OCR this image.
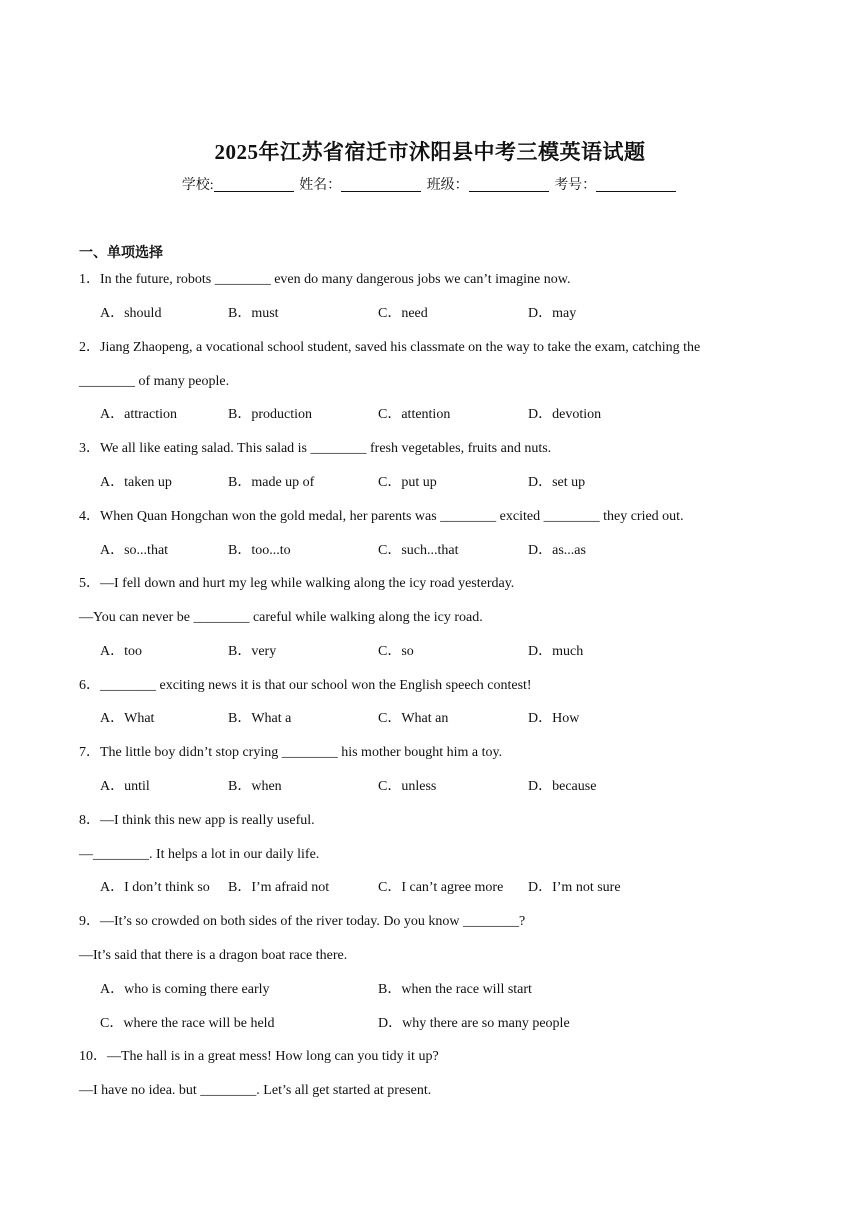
2025年江苏省宿迁市沭阳县中考三模英语试题
学校:	姓名：	班级：	考号：
一、单项选择
1．In the future, robots ________ even do many dangerous jobs we can’t imagine now.
A．should	B．must	C．need	D．may
2．Jiang Zhaopeng, a vocational school student, saved his classmate on the way to take the exam, catching the
________ of many people.
A．attraction	B．production	C．attention	D．devotion
3．We all like eating salad. This salad is ________ fresh vegetables, fruits and nuts.
A．taken up	B．made up of	C．put up	D．set up
4．When Quan Hongchan won the gold medal, her parents was ________ excited ________ they cried out.
A．so...that	B．too...to	C．such...that	D．as...as
5．—I fell down and hurt my leg while walking along the icy road yesterday.
—You can never be ________ careful while walking along the icy road.
A．too	B．very	C．so	D．much
6．________ exciting news it is that our school won the English speech contest!
A．What	B．What a	C．What an	D．How
7．The little boy didn’t stop crying ________ his mother bought him a toy.
A．until	B．when	C．unless	D．because
8．—I think this new app is really useful.
—________. It helps a lot in our daily life.
A．I don’t think so B．I’m afraid not	C．I can’t agree more D．I’m not sure
9．—It’s so crowded on both sides of the river today. Do you know ________?
—It’s said that there is a dragon boat race there.
A．who is coming there early	B．when the race will start
C．where the race will be held	D．why there are so many people
10．—The hall is in a great mess! How long can you tidy it up?
—I have no idea. but ________. Let’s all get started at present.
